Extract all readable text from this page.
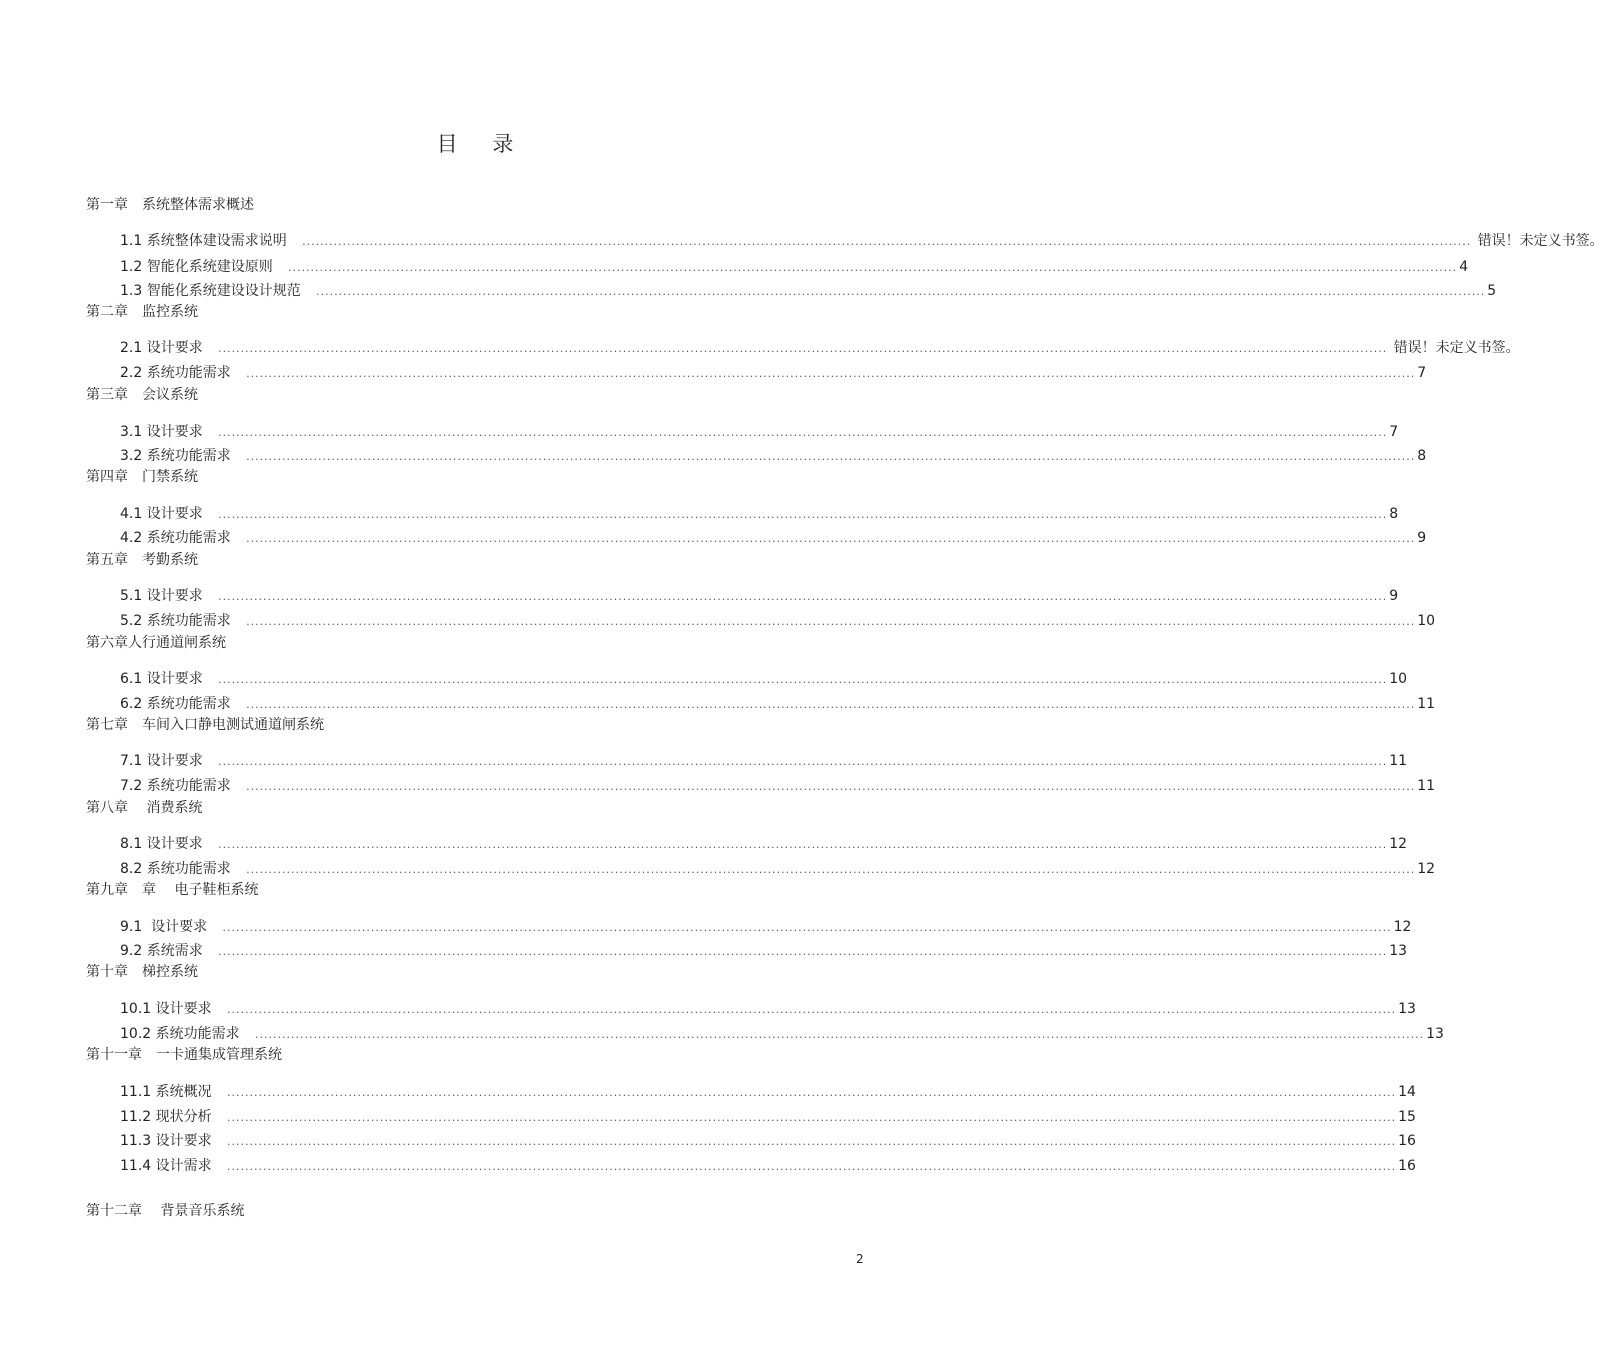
目 录
第一章　系统整体需求概述
1.1 系统整体建设需求说明 .................................................................................................................................................................................................................................................................... 错误！未定义书签。
1.2 智能化系统建设原则 .................................................................................................................................................................................................................................................................... 4
1.3 智能化系统建设设计规范 .................................................................................................................................................................................................................................................................... 5
第二章　监控系统
2.1 设计要求 .................................................................................................................................................................................................................................................................... 错误！未定义书签。
2.2 系统功能需求 .................................................................................................................................................................................................................................................................... 7
第三章　会议系统
3.1 设计要求 .................................................................................................................................................................................................................................................................... 7
3.2 系统功能需求 .................................................................................................................................................................................................................................................................... 8
第四章　门禁系统
4.1 设计要求 .................................................................................................................................................................................................................................................................... 8
4.2 系统功能需求 .................................................................................................................................................................................................................................................................... 9
第五章　考勤系统
5.1 设计要求 .................................................................................................................................................................................................................................................................... 9
5.2 系统功能需求 .................................................................................................................................................................................................................................................................... 10
第六章人行通道闸系统
6.1 设计要求 .................................................................................................................................................................................................................................................................... 10
6.2 系统功能需求 .................................................................................................................................................................................................................................................................... 11
第七章　车间入口静电测试通道闸系统
7.1 设计要求 .................................................................................................................................................................................................................................................................... 11
7.2 系统功能需求 .................................................................................................................................................................................................................................................................... 11
第八章　 消费系统
8.1 设计要求 .................................................................................................................................................................................................................................................................... 12
8.2 系统功能需求 .................................................................................................................................................................................................................................................................... 12
第九章　章　 电子鞋柜系统
9.1  设计要求 .................................................................................................................................................................................................................................................................... 12
9.2 系统需求 .................................................................................................................................................................................................................................................................... 13
第十章　梯控系统
10.1 设计要求 .................................................................................................................................................................................................................................................................... 13
10.2 系统功能需求 .................................................................................................................................................................................................................................................................... 13
第十一章　一卡通集成管理系统
11.1 系统概况 .................................................................................................................................................................................................................................................................... 14
11.2 现状分析 .................................................................................................................................................................................................................................................................... 15
11.3 设计要求 .................................................................................................................................................................................................................................................................... 16
11.4 设计需求 .................................................................................................................................................................................................................................................................... 16
第十二章　 背景音乐系统
2
